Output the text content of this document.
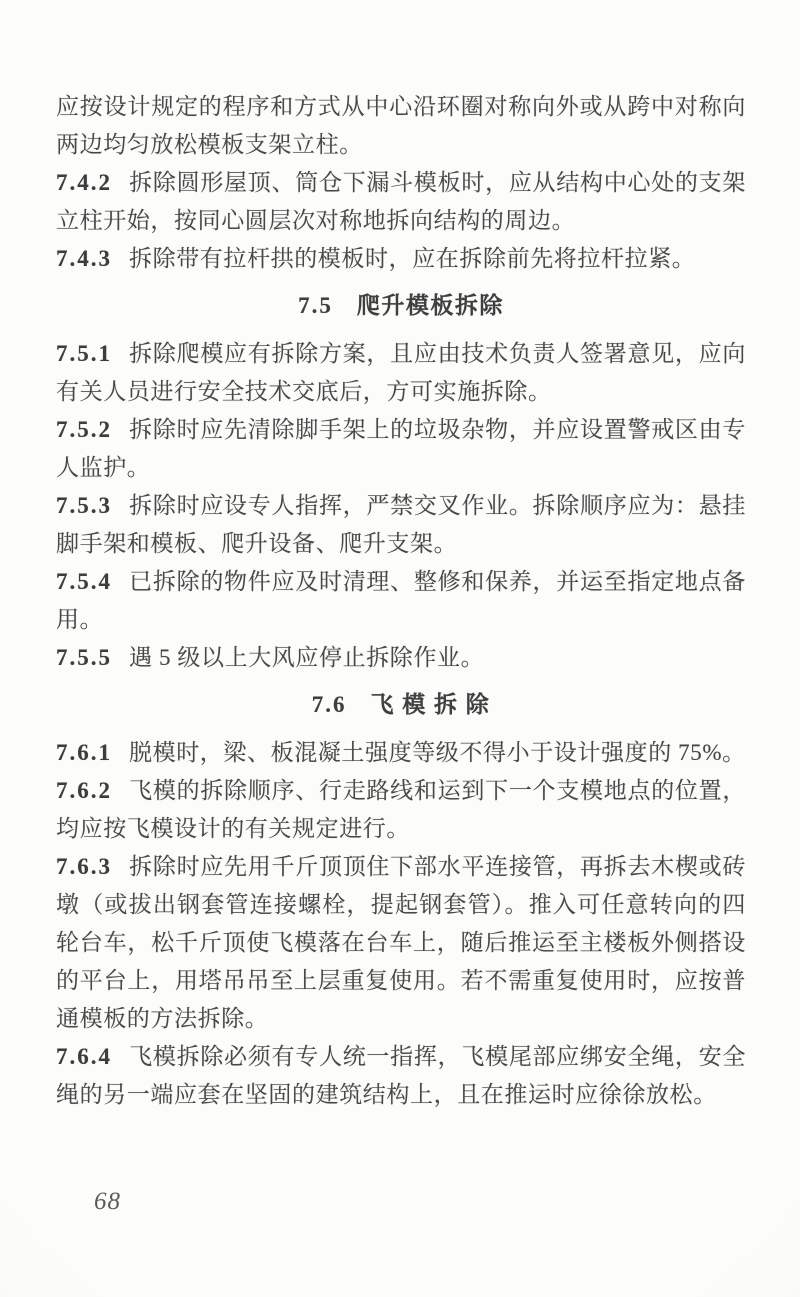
应按设计规定的程序和方式从中心沿环圈对称向外或从跨中对称向两边均匀放松模板支架立柱。

7.4.2 拆除圆形屋顶、筒仓下漏斗模板时，应从结构中心处的支架立柱开始，按同心圆层次对称地拆向结构的周边。

7.4.3 拆除带有拉杆拱的模板时，应在拆除前先将拉杆拉紧。

7.5 爬升模板拆除

7.5.1 拆除爬模应有拆除方案，且应由技术负责人签署意见，应向有关人员进行安全技术交底后，方可实施拆除。

7.5.2 拆除时应先清除脚手架上的垃圾杂物，并应设置警戒区由专人监护。

7.5.3 拆除时应设专人指挥，严禁交叉作业。拆除顺序应为：悬挂脚手架和模板、爬升设备、爬升支架。

7.5.4 已拆除的物件应及时清理、整修和保养，并运至指定地点备用。

7.5.5 遇 5 级以上大风应停止拆除作业。

7.6 飞 模 拆 除

7.6.1 脱模时，梁、板混凝土强度等级不得小于设计强度的 75%。

7.6.2 飞模的拆除顺序、行走路线和运到下一个支模地点的位置，均应按飞模设计的有关规定进行。

7.6.3 拆除时应先用千斤顶顶住下部水平连接管，再拆去木楔或砖墩（或拔出钢套管连接螺栓，提起钢套管）。推入可任意转向的四轮台车，松千斤顶使飞模落在台车上，随后推运至主楼板外侧搭设的平台上，用塔吊吊至上层重复使用。若不需重复使用时，应按普通模板的方法拆除。

7.6.4 飞模拆除必须有专人统一指挥，飞模尾部应绑安全绳，安全绳的另一端应套在坚固的建筑结构上，且在推运时应徐徐放松。

68
